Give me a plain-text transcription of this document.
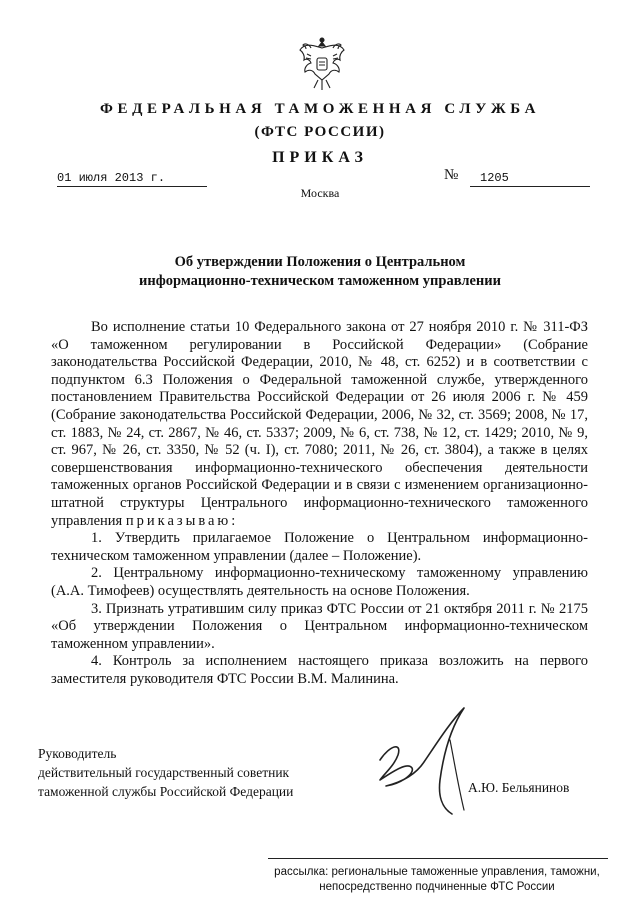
ФЕДЕРАЛЬНАЯ ТАМОЖЕННАЯ СЛУЖБА
(ФТС РОССИИ)
ПРИКАЗ
01 июля 2013 г.	№	1205
Москва
Об утверждении Положения о Центральном
информационно-техническом таможенном управлении

Во исполнение статьи 10 Федерального закона от 27 ноября 2010 г. № 311-ФЗ «О таможенном регулировании в Российской Федерации» (Собрание законодательства Российской Федерации, 2010, № 48, ст. 6252) и в соответствии с подпунктом 6.3 Положения о Федеральной таможенной службе, утвержденного постановлением Правительства Российской Федерации от 26 июля 2006 г. № 459 (Собрание законодательства Российской Федерации, 2006, № 32, ст. 3569; 2008, № 17, ст. 1883, № 24, ст. 2867, № 46, ст. 5337; 2009, № 6, ст. 738, № 12, ст. 1429; 2010, № 9, ст. 967, № 26, ст. 3350, № 52 (ч. I), ст. 7080; 2011, № 26, ст. 3804), а также в целях совершенствования информационно-технического обеспечения деятельности таможенных органов Российской Федерации и в связи с изменением организационно-штатной структуры Центрального информационно-технического таможенного управления приказываю:

1. Утвердить прилагаемое Положение о Центральном информационно-техническом таможенном управлении (далее – Положение).

2. Центральному информационно-техническому таможенному управлению (А.А. Тимофеев) осуществлять деятельность на основе Положения.

3. Признать утратившим силу приказ ФТС России от 21 октября 2011 г. № 2175 «Об утверждении Положения о Центральном информационно-техническом таможенном управлении».

4. Контроль за исполнением настоящего приказа возложить на первого заместителя руководителя ФТС России В.М. Малинина.

Руководитель
действительный государственный советник
таможенной службы Российской Федерации	А.Ю. Бельянинов
рассылка: региональные таможенные управления, таможни,
непосредственно подчиненные ФТС России
